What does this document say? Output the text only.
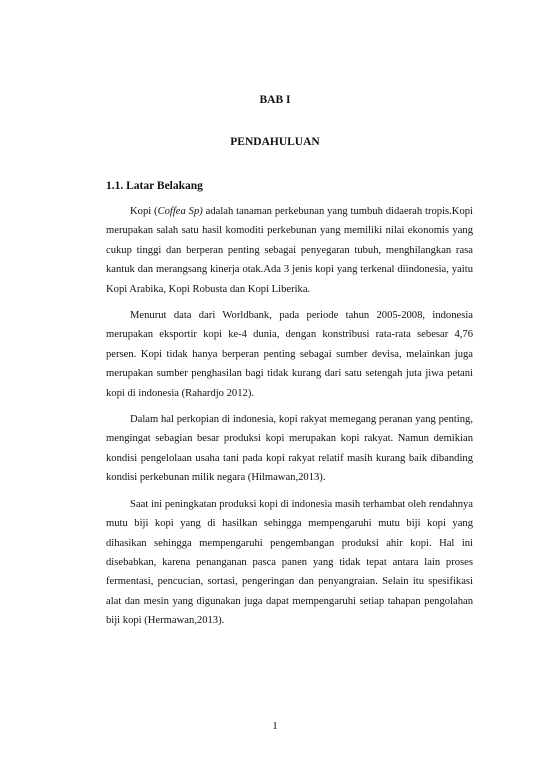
BAB I
PENDAHULUAN
1.1. Latar Belakang

Kopi (Coffea Sp) adalah tanaman perkebunan yang tumbuh didaerah tropis.Kopi merupakan salah satu hasil komoditi perkebunan yang memiliki nilai ekonomis yang cukup tinggi dan berperan penting sebagai penyegaran tubuh, menghilangkan rasa kantuk dan merangsang kinerja otak.Ada 3 jenis kopi yang terkenal diindonesia, yaitu Kopi Arabika, Kopi Robusta dan Kopi Liberika.

Menurut data dari Worldbank, pada periode tahun 2005-2008, indonesia merupakan eksportir kopi ke-4 dunia, dengan konstribusi rata-rata sebesar 4,76 persen. Kopi tidak hanya berperan penting sebagai sumber devisa, melainkan juga merupakan sumber penghasilan bagi tidak kurang dari satu setengah juta jiwa petani kopi di indonesia (Rahardjo 2012).

Dalam hal perkopian di indonesia, kopi rakyat memegang peranan yang penting, mengingat sebagian besar produksi kopi merupakan kopi rakyat. Namun demikian kondisi pengelolaan usaha tani pada kopi rakyat relatif masih kurang baik dibanding kondisi perkebunan milik negara (Hilmawan,2013).

Saat ini peningkatan produksi kopi di indonesia masih terhambat oleh rendahnya mutu biji kopi yang di hasilkan sehingga mempengaruhi mutu biji kopi yang dihasikan sehingga mempengaruhi pengembangan produksi ahir kopi. Hal ini disebabkan, karena penanganan pasca panen yang tidak tepat antara lain proses fermentasi, pencucian, sortasi, pengeringan dan penyangraian. Selain itu spesifikasi alat dan mesin yang digunakan juga dapat mempengaruhi setiap tahapan pengolahan biji kopi (Hermawan,2013).

1
